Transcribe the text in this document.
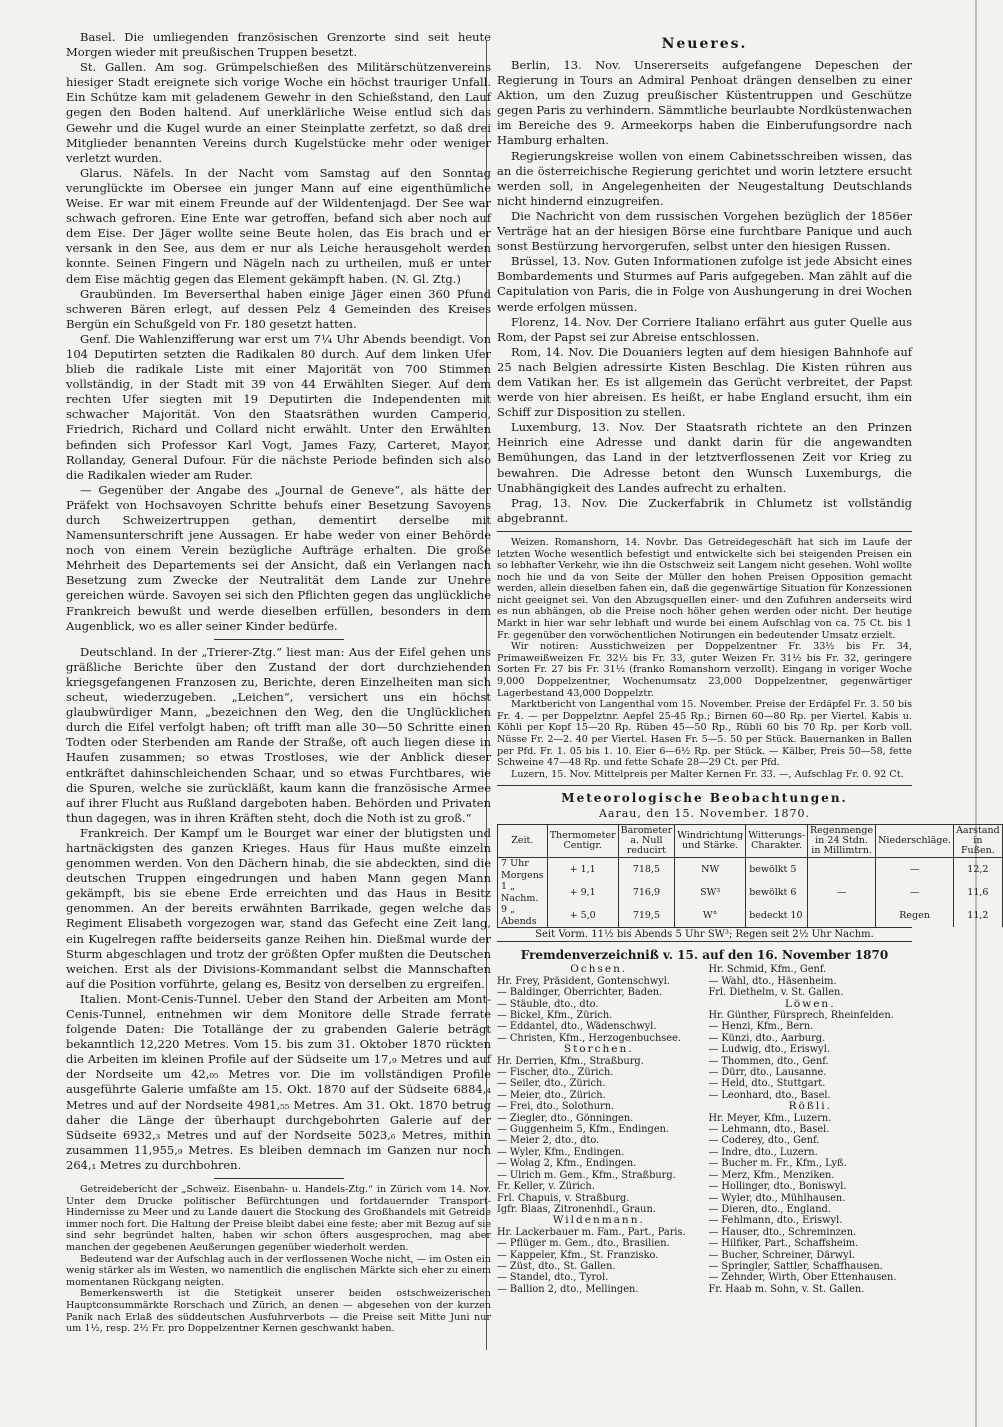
Basel. Die umliegenden französischen Grenzorte sind seit heute Morgen wieder mit preußischen Truppen besetzt.

St. Gallen. Am sog. Grümpelschießen des Militärschützenvereins hiesiger Stadt ereignete sich vorige Woche ein höchst trauriger Unfall. Ein Schütze kam mit geladenem Gewehr in den Schießstand, den Lauf gegen den Boden haltend. Auf unerklärliche Weise entlud sich das Gewehr und die Kugel wurde an einer Steinplatte zerfetzt, so daß drei Mitglieder benannten Vereins durch Kugelstücke mehr oder weniger verletzt wurden.

Glarus. Näfels. In der Nacht vom Samstag auf den Sonntag verunglückte im Obersee ein junger Mann auf eine eigenthümliche Weise. Er war mit einem Freunde auf der Wildentenjagd. Der See war schwach gefroren. Eine Ente war getroffen, befand sich aber noch auf dem Eise. Der Jäger wollte seine Beute holen, das Eis brach und er versank in den See, aus dem er nur als Leiche herausgeholt werden konnte. Seinen Fingern und Nägeln nach zu urtheilen, muß er unter dem Eise mächtig gegen das Element gekämpft haben. (N. Gl. Ztg.)

Graubünden. Im Beverserthal haben einige Jäger einen 360 Pfund schweren Bären erlegt, auf dessen Pelz 4 Gemeinden des Kreises Bergün ein Schußgeld von Fr. 180 gesetzt hatten.

Genf. Die Wahlenzifferung war erst um 7¼ Uhr Abends beendigt. Von 104 Deputirten setzten die Radikalen 80 durch. Auf dem linken Ufer blieb die radikale Liste mit einer Majorität von 700 Stimmen vollständig, in der Stadt mit 39 von 44 Erwählten Sieger. Auf dem rechten Ufer siegten mit 19 Deputirten die Independenten mit schwacher Majorität. Von den Staatsräthen wurden Camperio, Friedrich, Richard und Collard nicht erwählt. Unter den Erwählten befinden sich Professor Karl Vogt, James Fazy, Carteret, Mayor, Rollanday, General Dufour. Für die nächste Periode befinden sich also die Radikalen wieder am Ruder.

— Gegenüber der Angabe des „Journal de Geneve“, als hätte der Präfekt von Hochsavoyen Schritte behufs einer Besetzung Savoyens durch Schweizertruppen gethan, dementirt derselbe mit Namensunterschrift jene Aussagen. Er habe weder von einer Behörde noch von einem Verein bezügliche Aufträge erhalten. Die große Mehrheit des Departements sei der Ansicht, daß ein Verlangen nach Besetzung zum Zwecke der Neutralität dem Lande zur Unehre gereichen würde. Savoyen sei sich den Pflichten gegen das unglückliche Frankreich bewußt und werde dieselben erfüllen, besonders in dem Augenblick, wo es aller seiner Kinder bedürfe.

Deutschland. In der „Trierer-Ztg.“ liest man: Aus der Eifel gehen uns gräßliche Berichte über den Zustand der dort durchziehenden kriegsgefangenen Franzosen zu, Berichte, deren Einzelheiten man sich scheut, wiederzugeben. „Leichen“, versichert uns ein höchst glaubwürdiger Mann, „bezeichnen den Weg, den die Unglücklichen durch die Eifel verfolgt haben; oft trifft man alle 30—50 Schritte einen Todten oder Sterbenden am Rande der Straße, oft auch liegen diese in Haufen zusammen; so etwas Trostloses, wie der Anblick dieser entkräftet dahinschleichenden Schaar, und so etwas Furchtbares, wie die Spuren, welche sie zurückläßt, kaum kann die französische Armee auf ihrer Flucht aus Rußland dargeboten haben. Behörden und Privaten thun dagegen, was in ihren Kräften steht, doch die Noth ist zu groß.“

Frankreich. Der Kampf um le Bourget war einer der blutigsten und hartnäckigsten des ganzen Krieges. Haus für Haus mußte einzeln genommen werden. Von den Dächern hinab, die sie abdeckten, sind die deutschen Truppen eingedrungen und haben Mann gegen Mann gekämpft, bis sie ebene Erde erreichten und das Haus in Besitz genommen. An der bereits erwähnten Barrikade, gegen welche das Regiment Elisabeth vorgezogen war, stand das Gefecht eine Zeit lang, ein Kugelregen raffte beiderseits ganze Reihen hin. Dießmal wurde der Sturm abgeschlagen und trotz der größten Opfer mußten die Deutschen weichen. Erst als der Divisions-Kommandant selbst die Mannschaften auf die Position vorführte, gelang es, Besitz von derselben zu ergreifen.

Italien. Mont-Cenis-Tunnel. Ueber den Stand der Arbeiten am Mont-Cenis-Tunnel, entnehmen wir dem Monitore delle Strade ferrate folgende Daten: Die Totallänge der zu grabenden Galerie beträgt bekanntlich 12,220 Metres. Vom 15. bis zum 31. Oktober 1870 rückten die Arbeiten im kleinen Profile auf der Südseite um 17,₉ Metres und auf der Nordseite um 42,₀₅ Metres vor. Die im vollständigen Profile ausgeführte Galerie umfaßte am 15. Okt. 1870 auf der Südseite 6884,₄ Metres und auf der Nordseite 4981,₅₅ Metres. Am 31. Okt. 1870 betrug daher die Länge der überhaupt durchgebohrten Galerie auf der Südseite 6932,₃ Metres und auf der Nordseite 5023,₆ Metres, mithin zusammen 11,955,₉ Metres. Es bleiben demnach im Ganzen nur noch 264,₁ Metres zu durchbohren.

Getreidebericht der „Schweiz. Eisenbahn- u. Handels-Ztg.“ in Zürich vom 14. Nov. Unter dem Drucke politischer Befürchtungen und fortdauernder Transport-Hindernisse zu Meer und zu Lande dauert die Stockung des Großhandels mit Getreide immer noch fort. Die Haltung der Preise bleibt dabei eine feste; aber mit Bezug auf sie sind sehr begründet halten, haben wir schon öfters ausgesprochen, mag aber manchen der gegebenen Aeußerungen gegenüber wiederholt werden.

Bedeutend war der Aufschlag auch in der verflossenen Woche nicht, — im Osten ein wenig stärker als im Westen, wo namentlich die englischen Märkte sich eher zu einem momentanen Rückgang neigten.

Bemerkenswerth ist die Stetigkeit unserer beiden ostschweizerischen Hauptconsummärkte Rorschach und Zürich, an denen — abgesehen von der kurzen Panik nach Erlaß des süddeutschen Ausfuhrverbots — die Preise seit Mitte Juni nur um 1½, resp. 2½ Fr. pro Doppelzentner Kernen geschwankt haben.

Neueres.

Berlin, 13. Nov. Unsererseits aufgefangene Depeschen der Regierung in Tours an Admiral Penhoat drängen denselben zu einer Aktion, um den Zuzug preußischer Küstentruppen und Geschütze gegen Paris zu verhindern. Sämmtliche beurlaubte Nordküstenwachen im Bereiche des 9. Armeekorps haben die Einberufungsordre nach Hamburg erhalten.

Regierungskreise wollen von einem Cabinetsschreiben wissen, das an die österreichische Regierung gerichtet und worin letztere ersucht werden soll, in Angelegenheiten der Neugestaltung Deutschlands nicht hindernd einzugreifen.

Die Nachricht von dem russischen Vorgehen bezüglich der 1856er Verträge hat an der hiesigen Börse eine furchtbare Panique und auch sonst Bestürzung hervorgerufen, selbst unter den hiesigen Russen.

Brüssel, 13. Nov. Guten Informationen zufolge ist jede Absicht eines Bombardements und Sturmes auf Paris aufgegeben. Man zählt auf die Capitulation von Paris, die in Folge von Aushungerung in drei Wochen werde erfolgen müssen.

Florenz, 14. Nov. Der Corriere Italiano erfährt aus guter Quelle aus Rom, der Papst sei zur Abreise entschlossen.

Rom, 14. Nov. Die Douaniers legten auf dem hiesigen Bahnhofe auf 25 nach Belgien adressirte Kisten Beschlag. Die Kisten rühren aus dem Vatikan her. Es ist allgemein das Gerücht verbreitet, der Papst werde von hier abreisen. Es heißt, er habe England ersucht, ihm ein Schiff zur Disposition zu stellen.

Luxemburg, 13. Nov. Der Staatsrath richtete an den Prinzen Heinrich eine Adresse und dankt darin für die angewandten Bemühungen, das Land in der letztverflossenen Zeit vor Krieg zu bewahren. Die Adresse betont den Wunsch Luxemburgs, die Unabhängigkeit des Landes aufrecht zu erhalten.

Prag, 13. Nov. Die Zuckerfabrik in Chlumetz ist vollständig abgebrannt.

Weizen. Romanshorn, 14. Novbr. Das Getreidegeschäft hat sich im Laufe der letzten Woche wesentlich befestigt und entwickelte sich bei steigenden Preisen ein so lebhafter Verkehr, wie ihn die Ostschweiz seit Langem nicht gesehen. Wohl wollte noch hie und da von Seite der Müller den hohen Preisen Opposition gemacht werden, allein dieselben fahen ein, daß die gegenwärtige Situation für Konzessionen nicht geeignet sei. Von den Abzugsquellen einer- und den Zufuhren anderseits wird es nun abhängen, ob die Preise noch höher gehen werden oder nicht. Der heutige Markt in hier war sehr lebhaft und wurde bei einem Aufschlag von ca. 75 Ct. bis 1 Fr. gegenüber den vorwöchentlichen Notirungen ein bedeutender Umsatz erzielt.

Wir notiren: Ausstichweizen per Doppelzentner Fr. 33½ bis Fr. 34, Primaweißweizen Fr. 32½ bis Fr. 33, guter Weizen Fr. 31½ bis Fr. 32, geringere Sorten Fr. 27 bis Fr. 31½ (franko Romanshorn verzollt). Eingang in voriger Woche 9,000 Doppelzentner, Wochenumsatz 23,000 Doppelzentner, gegenwärtiger Lagerbestand 43,000 Doppelztr.

Marktbericht von Langenthal vom 15. November. Preise der Erdäpfel Fr. 3. 50 bis Fr. 4. — per Doppelztnr. Aepfel 25-45 Rp.; Birnen 60—80 Rp. per Viertel. Kabis u. Köhli per Kopf 15—20 Rp. Rüben 45—50 Rp., Rübli 60 bis 70 Rp. per Korb voll. Nüsse Fr. 2—2. 40 per Viertel. Hasen Fr. 5—5. 50 per Stück. Bauernanken in Ballen per Pfd. Fr. 1. 05 bis 1. 10. Eier 6—6½ Rp. per Stück. — Kälber, Preis 50—58, fette Schweine 47—48 Rp. und fette Schafe 28—29 Ct. per Pfd.

Luzern, 15. Nov. Mittelpreis per Malter Kernen Fr. 33. —, Aufschlag Fr. 0. 92 Ct.

Meteorologische Beobachtungen.
Aarau, den 15. November. 1870.
Zeit.	Thermometer Centigr.	Barometer a. Null reducirt	Windrichtung und Stärke.	Witterungs-Charakter.	Regenmenge in 24 Stdn. in Millimtrn.	Niederschläge.	Aarstand in Fußen.
7 Uhr Morgens	+ 1,1	718,5	NW	bewölkt 5		—	12,2
1 „ Nachm.	+ 9,1	716,9	SW³	bewölkt 6	—	—	11,6
9 „ Abends	+ 5,0	719,5	W°	bedeckt 10		Regen	11,2
Seit Vorm. 11½ bis Abends 5 Uhr SW³; Regen seit 2½ Uhr Nachm.
Fremdenverzeichniß v. 15. auf den 16. November 1870
Ochsen.
Hr. Frey, Präsident, Gontenschwyl.
— Baldinger, Oberrichter, Baden.
— Stäuble, dto., dto.
— Bickel, Kfm., Zürich.
— Eddantel, dto., Wädenschwyl.
— Christen, Kfm., Herzogenbuchsee.
Storchen.
Hr. Derrien, Kfm., Straßburg.
— Fischer, dto., Zürich.
— Seiler, dto., Zürich.
— Meier, dto., Zürich.
— Frei, dto., Solothurn.
— Ziegler, dto., Gönningen.
— Guggenheim 5, Kfm., Endingen.
— Meier 2, dto., dto.
— Wyler, Kfm., Endingen.
— Wolag 2, Kfm., Endingen.
— Ulrich m. Gem., Kfm., Straßburg.
Fr. Keller, v. Zürich.
Frl. Chapuis, v. Straßburg.
Igfr. Blaas, Zitronenhdl., Graun.
Wildenmann.
Hr. Lackerbauer m. Fam., Part., Paris.
— Pflüger m. Gem., dto., Brasilien.
— Kappeler, Kfm., St. Franzisko.
— Züst, dto., St. Gallen.
— Standel, dto., Tyrol.
— Ballion 2, dto., Mellingen.
Hr. Schmid, Kfm., Genf.
— Wahl, dto., Häsenheim.
Frl. Diethelm, v. St. Gallen.
Löwen.
Hr. Günther, Fürsprech, Rheinfelden.
— Henzi, Kfm., Bern.
— Künzi, dto., Aarburg.
— Ludwig, dto., Eriswyl.
— Thommen, dto., Genf.
— Dürr, dto., Lausanne.
— Held, dto., Stuttgart.
— Leonhard, dto., Basel.
Rößli.
Hr. Meyer, Kfm., Luzern.
— Lehmann, dto., Basel.
— Coderey, dto., Genf.
— Indre, dto., Luzern.
— Bucher m. Fr., Kfm., Lyß.
— Merz, Kfm., Menziken.
— Hollinger, dto., Boniswyl.
— Wyler, dto., Mühlhausen.
— Dieren, dto., England.
— Fehlmann, dto., Eriswyl.
— Hauser, dto., Schreminzen.
— Hilfiker, Part., Schaffsheim.
— Bucher, Schreiner, Därwyl.
— Springler, Sattler, Schaffhausen.
— Zehnder, Wirth, Ober Ettenhausen.
Fr. Haab m. Sohn, v. St. Gallen.
